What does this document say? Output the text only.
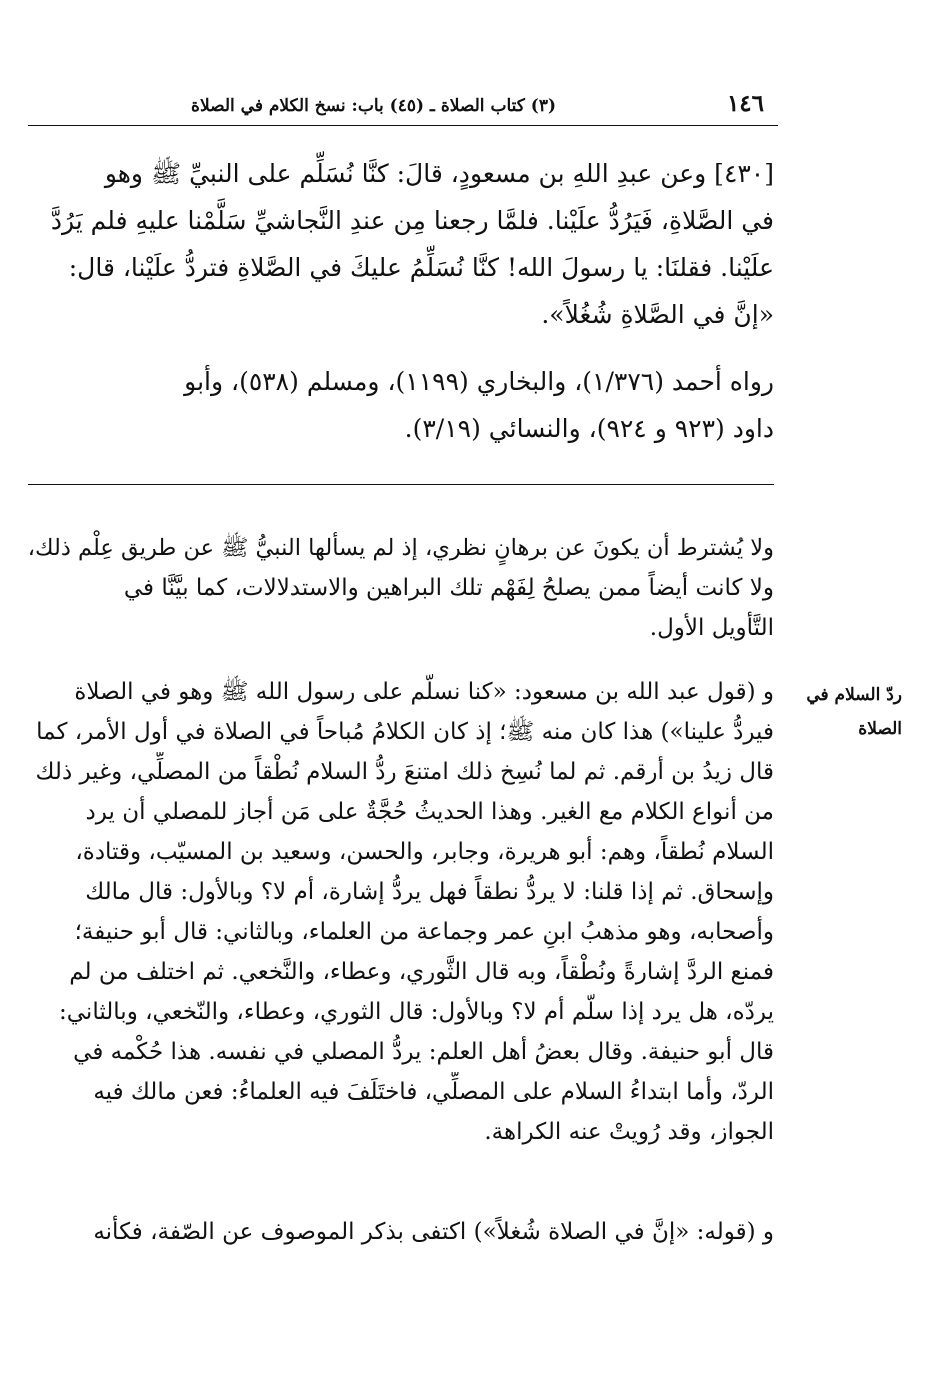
١٤٦
(٣) كتاب الصلاة ـ (٤٥) باب: نسخ الكلام في الصلاة
[٤٣٠] وعن عبدِ اللهِ بن مسعودٍ، قالَ: كنَّا نُسَلِّم على النبيِّ ﷺ وهو
في الصَّلاةِ، فَيَرُدُّ علَيْنا. فلمَّا رجعنا مِن عندِ النَّجاشيِّ سَلَّمْنا عليهِ فلم يَرُدَّ
علَيْنا. فقلنَا: يا رسولَ الله! كنَّا نُسَلِّمُ عليكَ في الصَّلاةِ فتردُّ علَيْنا، قال:
«إنَّ في الصَّلاةِ شُغُلاً».
رواه أحمد (١/٣٧٦)، والبخاري (١١٩٩)، ومسلم (٥٣٨)، وأبو
داود (٩٢٣ و ٩٢٤)، والنسائي (٣/١٩).
ولا يُشترط أن يكونَ عن برهانٍ نظري، إذ لم يسألها النبيُّ ﷺ عن طريق عِلْم ذلك،
ولا كانت أيضاً ممن يصلحُ لِفَهْم تلك البراهين والاستدلالات، كما بيَّنَّا في
التَّأويل الأول.
و (قول عبد الله بن مسعود: «كنا نسلّم على رسول الله ﷺ وهو في الصلاة
فيردُّ علينا») هذا كان منه ﷺ؛ إذ كان الكلامُ مُباحاً في الصلاة في أول الأمر، كما
قال زيدُ بن أرقم. ثم لما نُسِخ ذلك امتنعَ ردُّ السلام نُطْقاً من المصلِّي، وغير ذلك
من أنواع الكلام مع الغير. وهذا الحديثُ حُجَّةٌ على مَن أجاز للمصلي أن يرد
السلام نُطقاً، وهم: أبو هريرة، وجابر، والحسن، وسعيد بن المسيّب، وقتادة،
وإسحاق. ثم إذا قلنا: لا يردُّ نطقاً فهل يردُّ إشارة، أم لا؟ وبالأول: قال مالك
وأصحابه، وهو مذهبُ ابنِ عمر وجماعة من العلماء، وبالثاني: قال أبو حنيفة؛
فمنع الردَّ إشارةً ونُطْقاً، وبه قال الثَّوري، وعطاء، والنَّخعي. ثم اختلف من لم
يردّه، هل يرد إذا سلّم أم لا؟ وبالأول: قال الثوري، وعطاء، والنّخعي، وبالثاني:
قال أبو حنيفة. وقال بعضُ أهل العلم: يردُّ المصلي في نفسه. هذا حُكْمه في
الردّ، وأما ابتداءُ السلام على المصلِّي، فاختَلَفَ فيه العلماءُ: فعن مالك فيه
الجواز، وقد رُويتْ عنه الكراهة.
ردّ السلام في
الصلاة
و (قوله: «إنَّ في الصلاة شُغلاً») اكتفى بذكر الموصوف عن الصّفة، فكأنه
